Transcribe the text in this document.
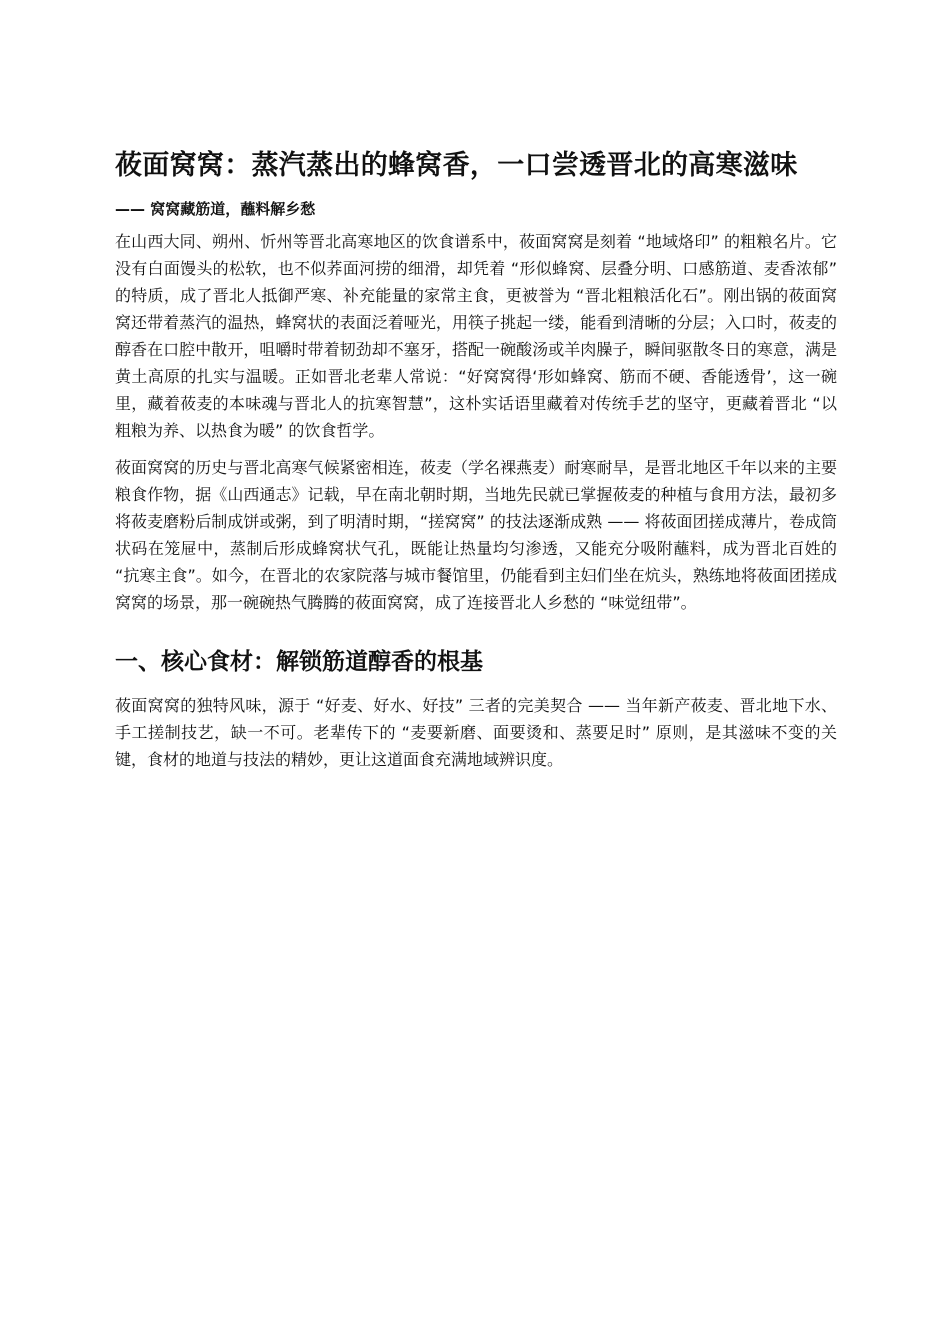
莜面窝窝：蒸汽蒸出的蜂窝香，一口尝透晋北的高寒滋味
—— 窝窝藏筋道，蘸料解乡愁

在山西大同、朔州、忻州等晋北高寒地区的饮食谱系中，莜面窝窝是刻着 “地域烙印” 的粗粮名片。它没有白面馒头的松软，也不似荞面河捞的细滑，却凭着 “形似蜂窝、层叠分明、口感筋道、麦香浓郁” 的特质，成了晋北人抵御严寒、补充能量的家常主食，更被誉为 “晋北粗粮活化石”。刚出锅的莜面窝窝还带着蒸汽的温热，蜂窝状的表面泛着哑光，用筷子挑起一缕，能看到清晰的分层；入口时，莜麦的醇香在口腔中散开，咀嚼时带着韧劲却不塞牙，搭配一碗酸汤或羊肉臊子，瞬间驱散冬日的寒意，满是黄土高原的扎实与温暖。正如晋北老辈人常说：“好窝窝得‘形如蜂窝、筋而不硬、香能透骨’，这一碗里，藏着莜麦的本味魂与晋北人的抗寒智慧”，这朴实话语里藏着对传统手艺的坚守，更藏着晋北 “以粗粮为养、以热食为暖” 的饮食哲学。

莜面窝窝的历史与晋北高寒气候紧密相连，莜麦（学名裸燕麦）耐寒耐旱，是晋北地区千年以来的主要粮食作物，据《山西通志》记载，早在南北朝时期，当地先民就已掌握莜麦的种植与食用方法，最初多将莜麦磨粉后制成饼或粥，到了明清时期，“搓窝窝” 的技法逐渐成熟 —— 将莜面团搓成薄片，卷成筒状码在笼屉中，蒸制后形成蜂窝状气孔，既能让热量均匀渗透，又能充分吸附蘸料，成为晋北百姓的 “抗寒主食”。如今，在晋北的农家院落与城市餐馆里，仍能看到主妇们坐在炕头，熟练地将莜面团搓成窝窝的场景，那一碗碗热气腾腾的莜面窝窝，成了连接晋北人乡愁的 “味觉纽带”。

一、核心食材：解锁筋道醇香的根基

莜面窝窝的独特风味，源于 “好麦、好水、好技” 三者的完美契合 —— 当年新产莜麦、晋北地下水、手工搓制技艺，缺一不可。老辈传下的 “麦要新磨、面要烫和、蒸要足时” 原则，是其滋味不变的关键，食材的地道与技法的精妙，更让这道面食充满地域辨识度。
